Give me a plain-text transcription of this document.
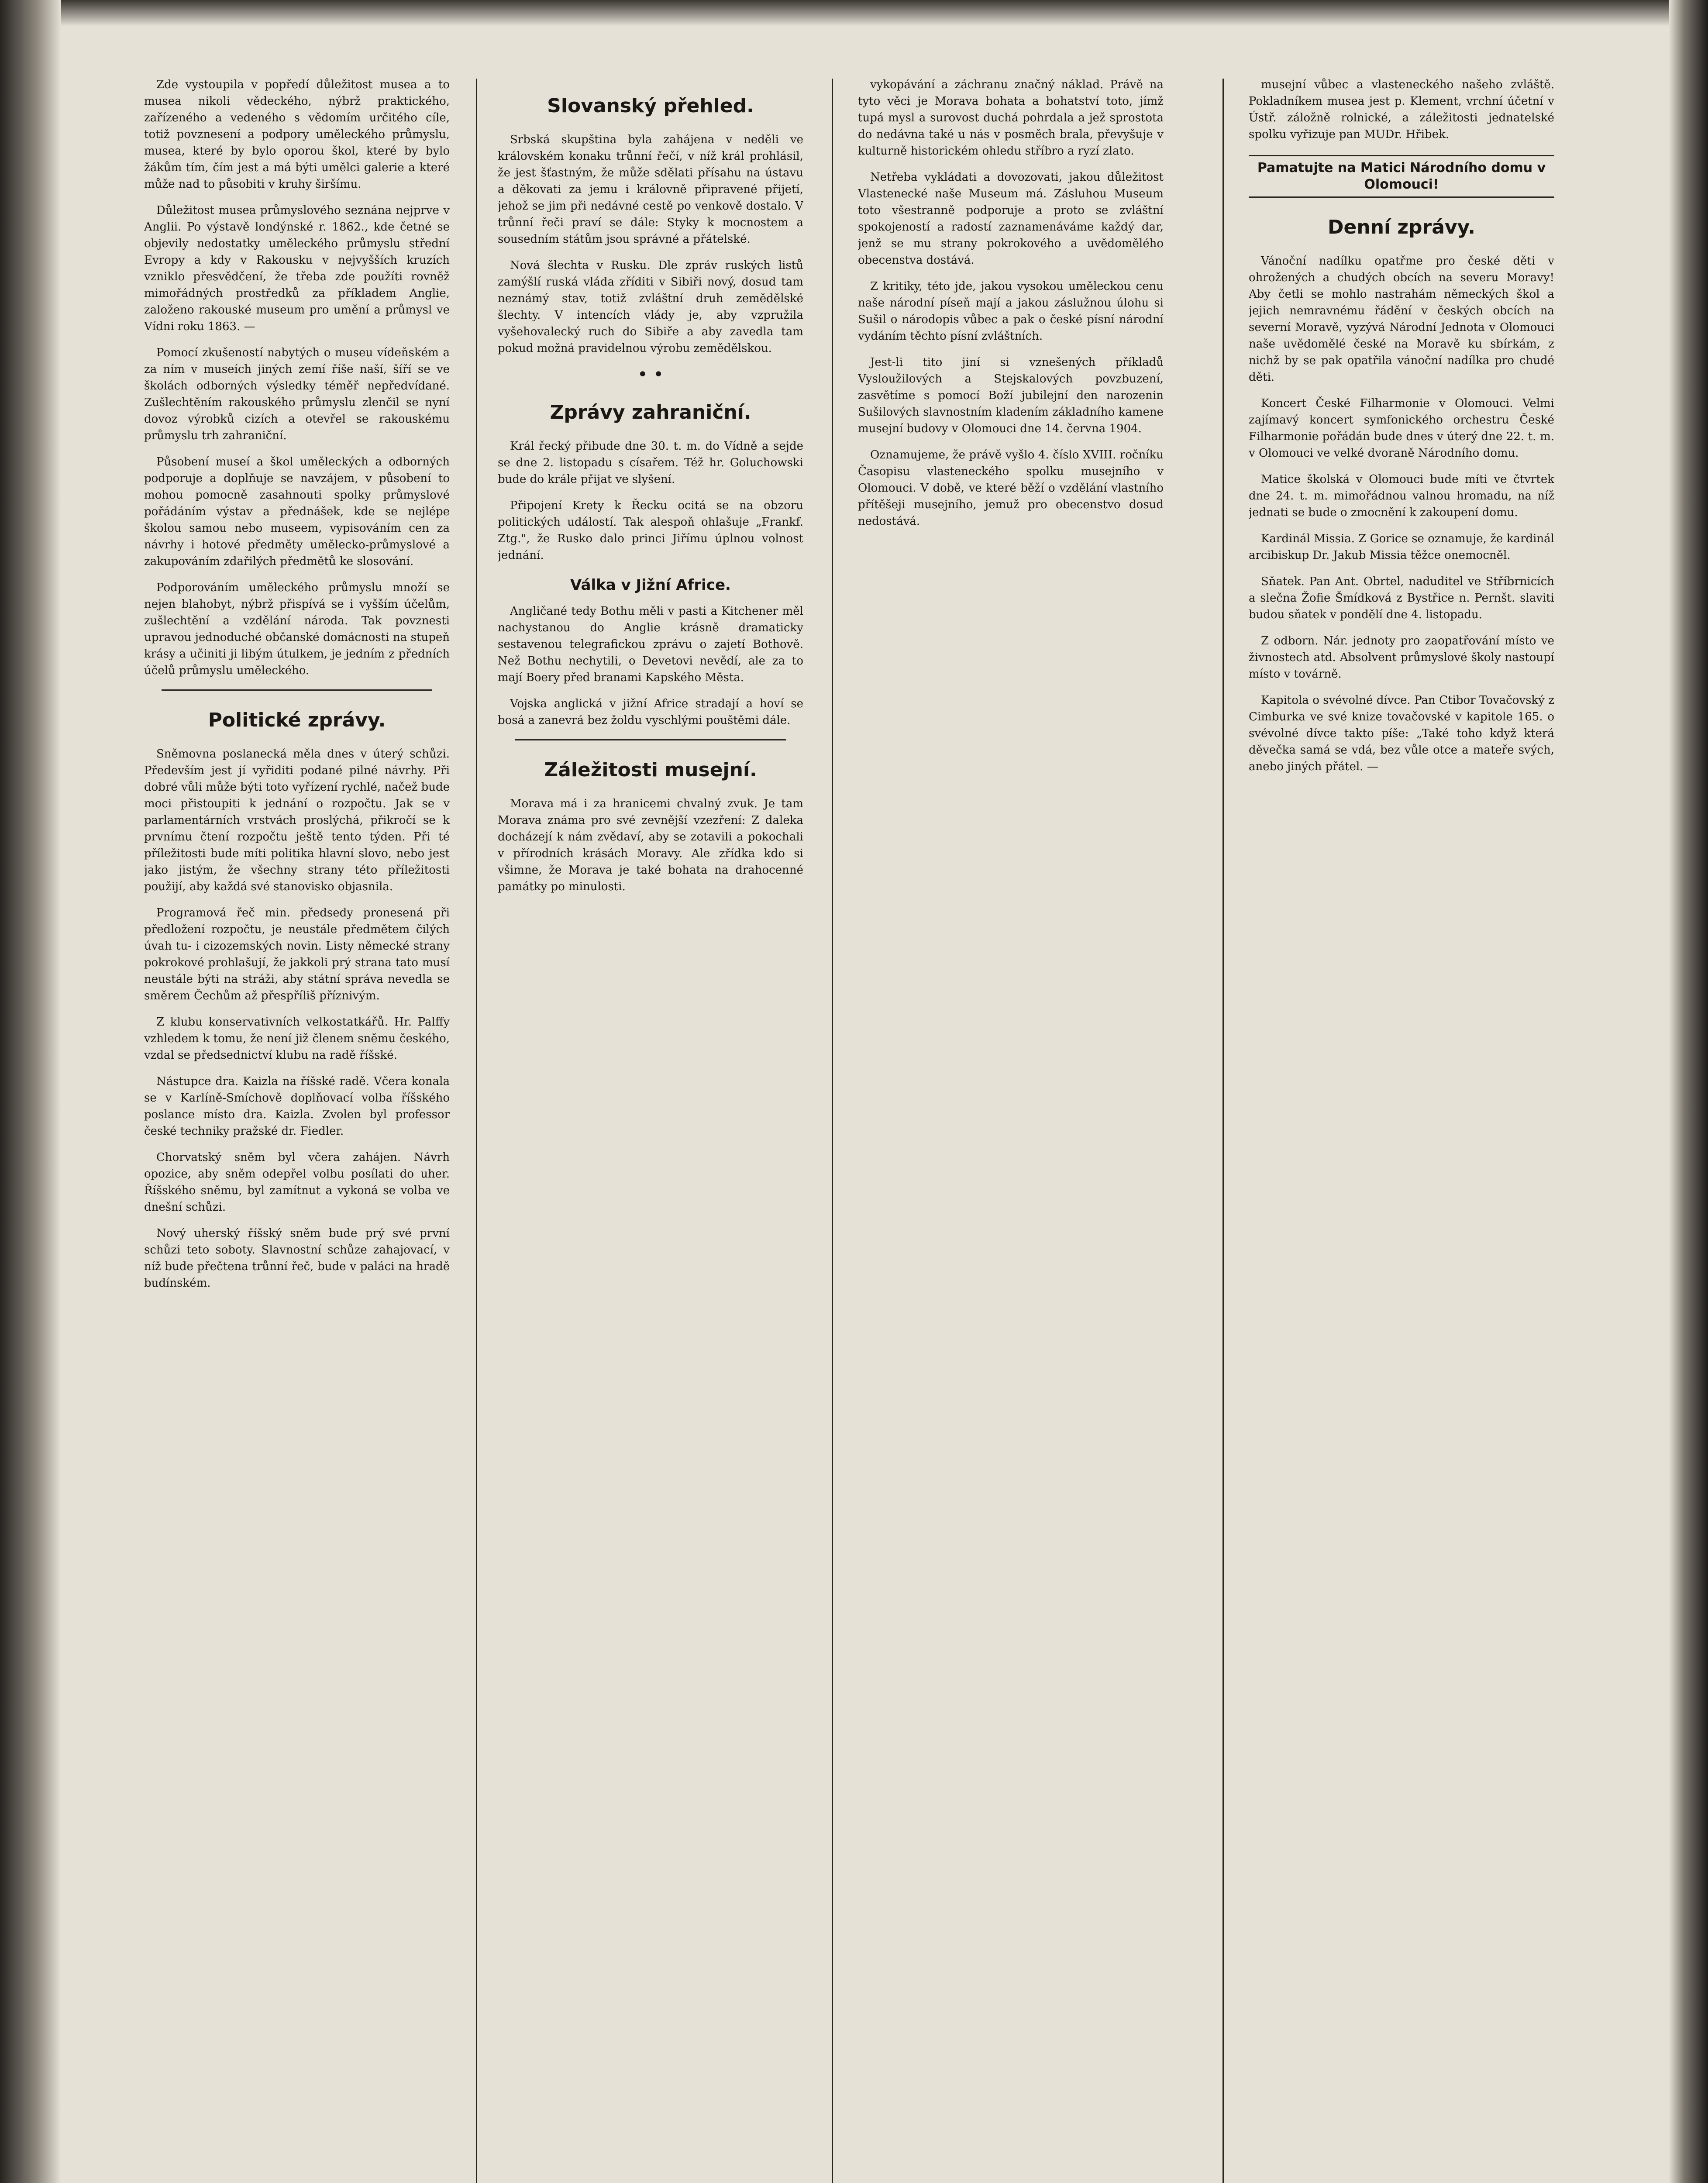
Zde vystoupila v popředí důležitost musea a to musea nikoli vědeckého, nýbrž praktického, zařízeného a vedeného s vědomím určitého cíle, totiž povznesení a podpory uměleckého průmyslu, musea, které by bylo oporou škol, které by bylo žákům tím, čím jest a má býti umělci galerie a které může nad to působiti v kruhy širšímu.

Důležitost musea průmyslového seznána nejprve v Anglii. Po výstavě londýnské r. 1862., kde četné se objevily nedostatky uměleckého průmyslu střední Evropy a kdy v Rakousku v nejvyšších kruzích vzniklo přesvědčení, že třeba zde použíti rovněž mimořádných prostředků za příkladem Anglie, založeno rakouské museum pro umění a průmysl ve Vídni roku 1863. —

Pomocí zkušeností nabytých o museu vídeňském a za ním v museích jiných zemí říše naší, šíří se ve školách odborných výsledky téměř nepředvídané. Zušlechtěním rakouského průmyslu zlenčil se nyní dovoz výrobků cizích a otevřel se rakouskému průmyslu trh zahraniční.

Působení museí a škol uměleckých a odborných podporuje a doplňuje se navzájem, v působení to mohou pomocně zasahnouti spolky průmyslové pořádáním výstav a přednášek, kde se nejlépe školou samou nebo museem, vypisováním cen za návrhy i hotové předměty umělecko-průmyslové a zakupováním zdařilých předmětů ke slosování.

Podporováním uměleckého průmyslu množí se nejen blahobyt, nýbrž přispívá se i vyšším účelům, zušlechtění a vzdělání národa. Tak povznesti upravou jednoduché občanské domácnosti na stupeň krásy a učiniti ji libým útulkem, je jedním z předních účelů průmyslu uměleckého.

Politické zprávy.

Sněmovna poslanecká měla dnes v úterý schůzi. Především jest jí vyřiditi podané pilné návrhy. Při dobré vůli může býti toto vyřízení rychlé, načež bude moci přistoupiti k jednání o rozpočtu. Jak se v parlamentárních vrstvách proslýchá, přikročí se k prvnímu čtení rozpočtu ještě tento týden. Při té příležitosti bude míti politika hlavní slovo, nebo jest jako jistým, že všechny strany této příležitosti použijí, aby každá své stanovisko objasnila.

Programová řeč min. předsedy pronesená při předložení rozpočtu, je neustále předmětem čilých úvah tu- i cizozemských novin. Listy německé strany pokrokové prohlašují, že jakkoli prý strana tato musí neustále býti na stráži, aby státní správa nevedla se směrem Čechům až přespříliš příznivým.

Z klubu konservativních velkostatkářů. Hr. Palffy vzhledem k tomu, že není již členem sněmu českého, vzdal se předsednictví klubu na radě říšské.

Nástupce dra. Kaizla na říšské radě. Včera konala se v Karlíně-Smíchově doplňovací volba říšského poslance místo dra. Kaizla. Zvolen byl professor české techniky pražské dr. Fiedler.

Chorvatský sněm byl včera zahájen. Návrh opozice, aby sněm odepřel volbu posílati do uher. Říšského sněmu, byl zamítnut a vykoná se volba ve dnešní schůzi.

Nový uherský říšský sněm bude prý své první schůzi teto soboty. Slavnostní schůze zahajovací, v níž bude přečtena trůnní řeč, bude v paláci na hradě budínském.

Slovanský přehled.

Srbská skupština byla zahájena v neděli ve královském konaku trůnní řečí, v níž král prohlásil, že jest šťastným, že může sdělati přísahu na ústavu a děkovati za jemu i královně připravené přijetí, jehož se jim při nedávné cestě po venkově dostalo. V trůnní řeči praví se dále: Styky k mocnostem a sousedním státům jsou správné a přátelské.

Nová šlechta v Rusku. Dle zpráv ruských listů zamýšlí ruská vláda zříditi v Sibiři nový, dosud tam neznámý stav, totiž zvláštní druh zemědělské šlechty. V intencích vlády je, aby vzpružila vyšehovalecký ruch do Sibiře a aby zavedla tam pokud možná pravidelnou výrobu zemědělskou.

• •
Zprávy zahraniční.

Král řecký přibude dne 30. t. m. do Vídně a sejde se dne 2. listopadu s císařem. Též hr. Goluchowski bude do krále přijat ve slyšení.

Připojení Krety k Řecku ocitá se na obzoru politických událostí. Tak alespoň ohlašuje „Frankf. Ztg.", že Rusko dalo princi Jiřímu úplnou volnost jednání.

Válka v Jižní Africe.

Angličané tedy Bothu měli v pasti a Kitchener měl nachystanou do Anglie krásně dramaticky sestavenou telegrafickou zprávu o zajetí Bothově. Než Bothu nechytili, o Devetovi nevědí, ale za to mají Boery před branami Kapského Města.

Vojska anglická v jižní Africe stradají a hoví se bosá a zanevrá bez žoldu vyschlými pouštěmi dále.

Záležitosti musejní.

Morava má i za hranicemi chvalný zvuk. Je tam Morava známa pro své zevnější vzezření: Z daleka docházejí k nám zvědaví, aby se zotavili a pokochali v přírodních krásách Moravy. Ale zřídka kdo si všimne, že Morava je také bohata na drahocenné památky po minulosti.

vykopávání a záchranu značný náklad. Právě na tyto věci je Morava bohata a bohatství toto, jímž tupá mysl a surovost duchá pohrdala a jež sprostota do nedávna také u nás v posměch brala, převyšuje v kulturně historickém ohledu stříbro a ryzí zlato.

Netřeba vykládati a dovozovati, jakou důležitost Vlastenecké naše Museum má. Zásluhou Museum toto všestranně podporuje a proto se zvláštní spokojeností a radostí zaznamenáváme každý dar, jenž se mu strany pokrokového a uvědomělého obecenstva dostává.

Z kritiky, této jde, jakou vysokou uměleckou cenu naše národní píseň mají a jakou záslužnou úlohu si Sušil o národopis vůbec a pak o české písní národní vydáním těchto písní zvláštních.

Jest-li tito jiní si vznešených příkladů Vysloužilových a Stejskalových povzbuzení, zasvětíme s pomocí Boží jubilejní den narozenin Sušilových slavnostním kladením základního kamene musejní budovy v Olomouci dne 14. června 1904.

Oznamujeme, že právě vyšlo 4. číslo XVIII. ročníku Časopisu vlasteneckého spolku musejního v Olomouci. V době, ve které běží o vzdělání vlastního přítěšeji musejního, jemuž pro obecenstvo dosud nedostává.

musejní vůbec a vlasteneckého našeho zvláště. Pokladníkem musea jest p. Klement, vrchní účetní v Ústř. záložně rolnické, a záležitosti jednatelské spolku vyřizuje pan MUDr. Hřibek.

Pamatujte na Matici Národního domu v Olomouci!
Denní zprávy.

Vánoční nadílku opatřme pro české děti v ohrožených a chudých obcích na severu Moravy! Aby četli se mohlo nastrahám německých škol a jejich nemravnému řádění v českých obcích na severní Moravě, vyzývá Národní Jednota v Olomouci naše uvědomělé české na Moravě ku sbírkám, z nichž by se pak opatřila vánoční nadílka pro chudé děti.

Koncert České Filharmonie v Olomouci. Velmi zajímavý koncert symfonického orchestru České Filharmonie pořádán bude dnes v úterý dne 22. t. m. v Olomouci ve velké dvoraně Národního domu.

Matice školská v Olomouci bude míti ve čtvrtek dne 24. t. m. mimořádnou valnou hromadu, na níž jednati se bude o zmocnění k zakoupení domu.

Kardinál Missia. Z Gorice se oznamuje, že kardinál arcibiskup Dr. Jakub Missia těžce onemocněl.

Sňatek. Pan Ant. Obrtel, naduditel ve Stříbrnicích a slečna Žofie Šmídková z Bystřice n. Pernšt. slaviti budou sňatek v pondělí dne 4. listopadu.

Z odborn. Nár. jednoty pro zaopatřování místo ve živnostech atd. Absolvent průmyslové školy nastoupí místo v továrně.

Kapitola o svévolné dívce. Pan Ctibor Tovačovský z Cimburka ve své knize tovačovské v kapitole 165. o svévolné dívce takto píše: „Také toho když která děvečka samá se vdá, bez vůle otce a mateře svých, anebo jiných přátel. —
